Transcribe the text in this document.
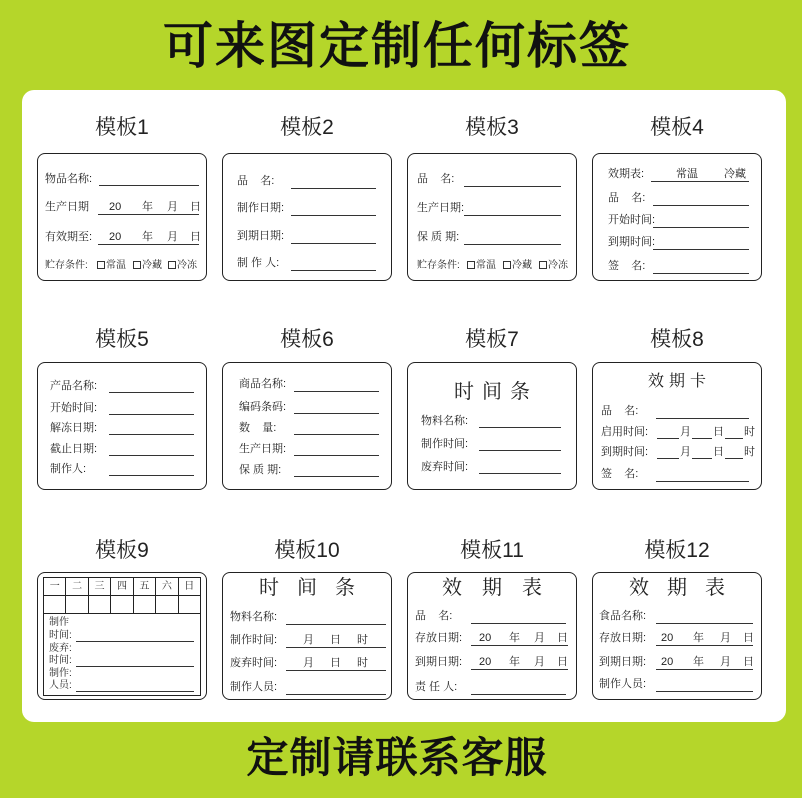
可来图定制任何标签
模板1
物品名称:
生产日期 20 年 月 日
有效期至: 20 年 月 日
贮存条件:	常温	冷藏	冷冻
模板2
品    名:
制作日期:
到期日期:
制 作 人:
模板3
品    名:
生产日期:
保 质 期:
贮存条件:	常温	冷藏	冷冻
模板4
效期表:	常温 冷藏
品    名:
开始时间:
到期时间:
签    名:
模板5
产品名称:
开始时间:
解冻日期:
截止日期:
制作人:
模板6
商品名称:
编码条码:
数    量:
生产日期:
保 质 期:
模板7
时间条
物料名称:
制作时间:
废弃时间:
模板8
效期卡
品    名:
启用时间:	月 日 时
到期时间:	月 日 时
签    名:
模板9
一	二	三	四	五	六	日
制作
时间:
废弃:
时间:
制作:
人员:
模板10
时间条
物料名称:
制作时间: 月 日 时
废弃时间: 月 日 时
制作人员:
模板11
效期表
品    名:
存放日期: 20 年 月 日
到期日期: 20 年 月 日
责 任 人:
模板12
效期表
食品名称:
存放日期: 20 年 月 日
到期日期: 20 年 月 日
制作人员:
定制请联系客服
